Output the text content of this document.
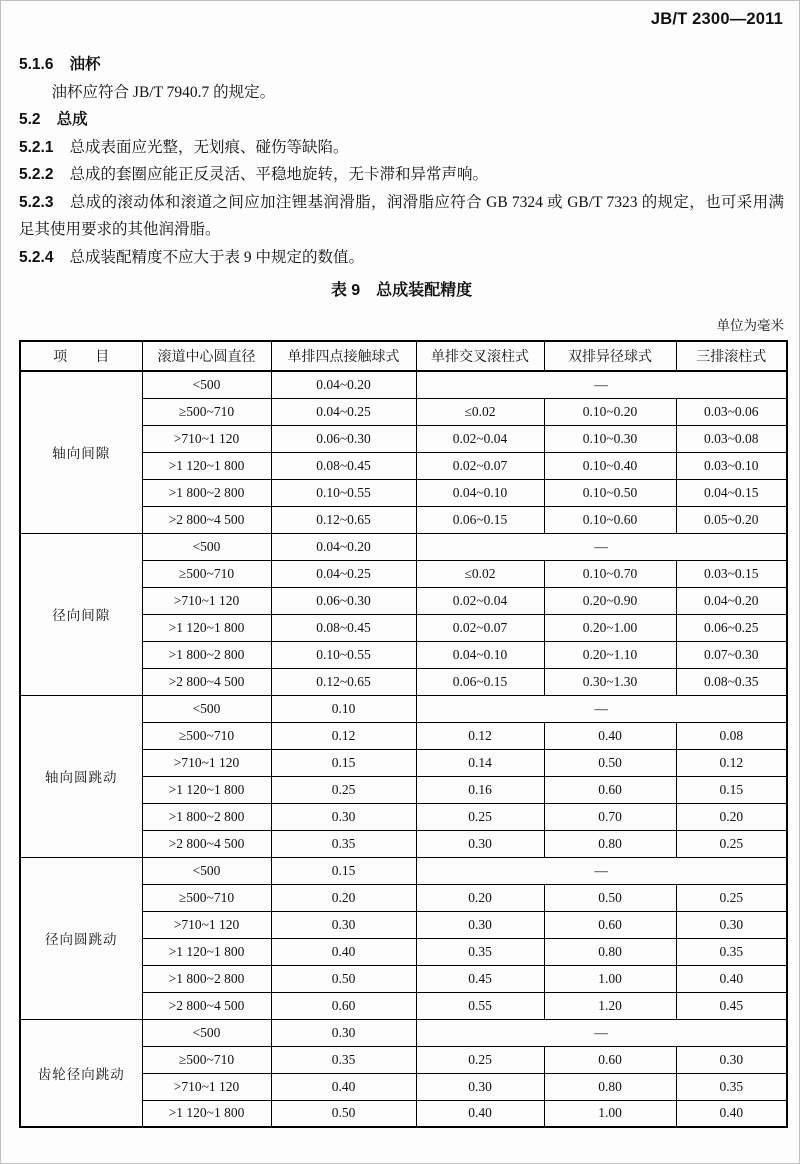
JB/T 2300—2011

5.1.6 油杯

油杯应符合 JB/T 7940.7 的规定。

5.2 总成

5.2.1 总成表面应光整，无划痕、碰伤等缺陷。

5.2.2 总成的套圈应能正反灵活、平稳地旋转，无卡滞和异常声响。

5.2.3 总成的滚动体和滚道之间应加注锂基润滑脂，润滑脂应符合 GB 7324 或 GB/T 7323 的规定，也可采用满足其使用要求的其他润滑脂。

5.2.4 总成装配精度不应大于表 9 中规定的数值。

表 9　总成装配精度

单位为毫米

项　　目	滚道中心圆直径	单排四点接触球式	单排交叉滚柱式	双排异径球式	三排滚柱式
轴向间隙	<500	0.04~0.20	—		
	≥500~710	0.04~0.25	≤0.02	0.10~0.20	0.03~0.06
	>710~1 120	0.06~0.30	0.02~0.04	0.10~0.30	0.03~0.08
	>1 120~1 800	0.08~0.45	0.02~0.07	0.10~0.40	0.03~0.10
	>1 800~2 800	0.10~0.55	0.04~0.10	0.10~0.50	0.04~0.15
	>2 800~4 500	0.12~0.65	0.06~0.15	0.10~0.60	0.05~0.20
径向间隙	<500	0.04~0.20	—		
	≥500~710	0.04~0.25	≤0.02	0.10~0.70	0.03~0.15
	>710~1 120	0.06~0.30	0.02~0.04	0.20~0.90	0.04~0.20
	>1 120~1 800	0.08~0.45	0.02~0.07	0.20~1.00	0.06~0.25
	>1 800~2 800	0.10~0.55	0.04~0.10	0.20~1.10	0.07~0.30
	>2 800~4 500	0.12~0.65	0.06~0.15	0.30~1.30	0.08~0.35
轴向圆跳动	<500	0.10	—		
	≥500~710	0.12	0.12	0.40	0.08
	>710~1 120	0.15	0.14	0.50	0.12
	>1 120~1 800	0.25	0.16	0.60	0.15
	>1 800~2 800	0.30	0.25	0.70	0.20
	>2 800~4 500	0.35	0.30	0.80	0.25
径向圆跳动	<500	0.15	—		
	≥500~710	0.20	0.20	0.50	0.25
	>710~1 120	0.30	0.30	0.60	0.30
	>1 120~1 800	0.40	0.35	0.80	0.35
	>1 800~2 800	0.50	0.45	1.00	0.40
	>2 800~4 500	0.60	0.55	1.20	0.45
齿轮径向跳动	<500	0.30	—		
	≥500~710	0.35	0.25	0.60	0.30
	>710~1 120	0.40	0.30	0.80	0.35
	>1 120~1 800	0.50	0.40	1.00	0.40
